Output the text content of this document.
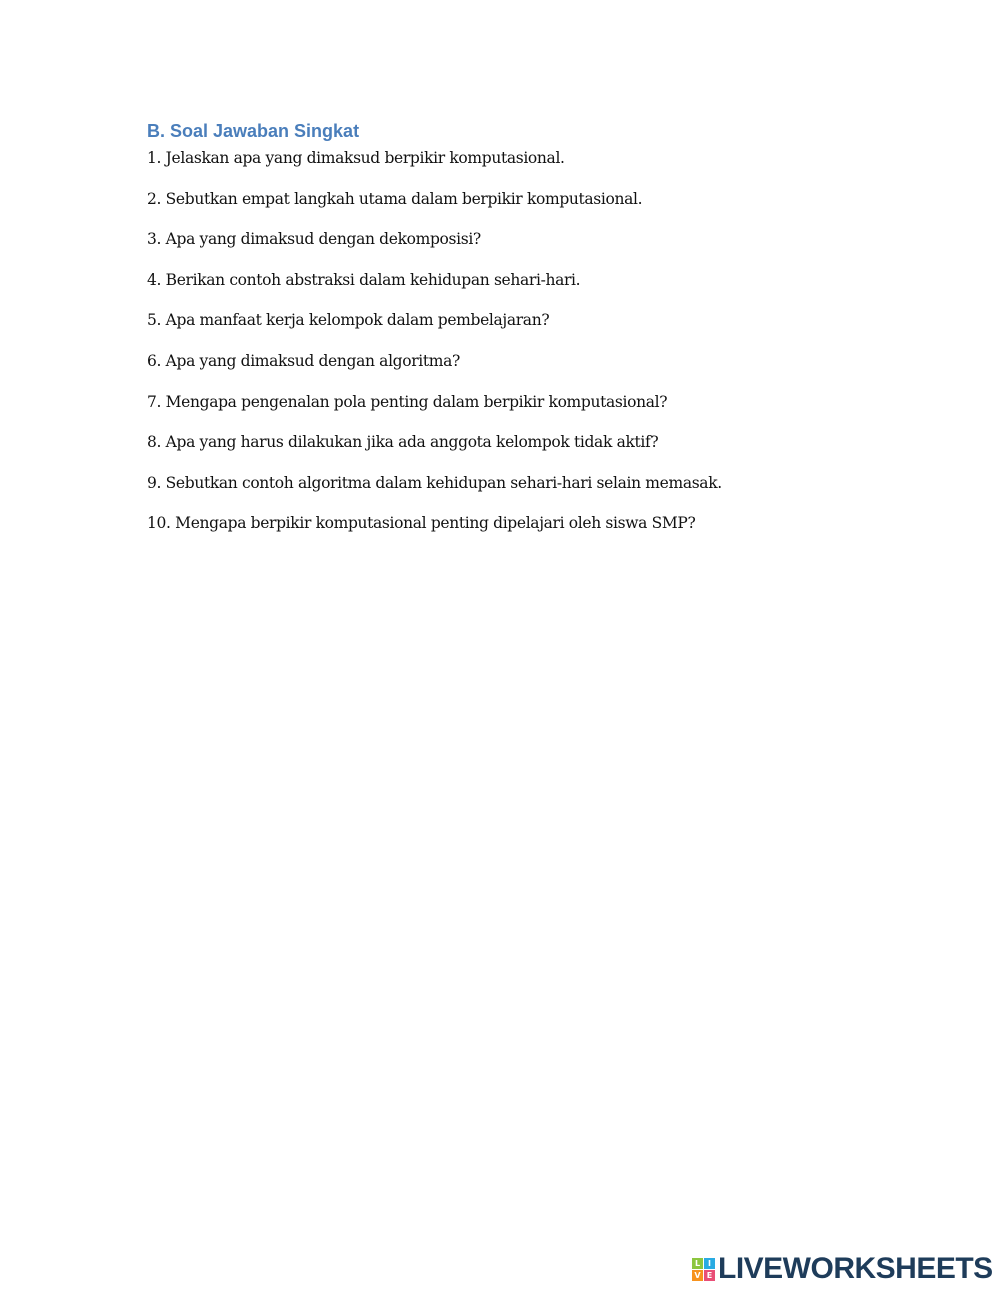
B. Soal Jawaban Singkat
1. Jelaskan apa yang dimaksud berpikir komputasional.
2. Sebutkan empat langkah utama dalam berpikir komputasional.
3. Apa yang dimaksud dengan dekomposisi?
4. Berikan contoh abstraksi dalam kehidupan sehari-hari.
5. Apa manfaat kerja kelompok dalam pembelajaran?
6. Apa yang dimaksud dengan algoritma?
7. Mengapa pengenalan pola penting dalam berpikir komputasional?
8. Apa yang harus dilakukan jika ada anggota kelompok tidak aktif?
9. Sebutkan contoh algoritma dalam kehidupan sehari-hari selain memasak.
10. Mengapa berpikir komputasional penting dipelajari oleh siswa SMP?
L I
V E LIVEWORKSHEETS
